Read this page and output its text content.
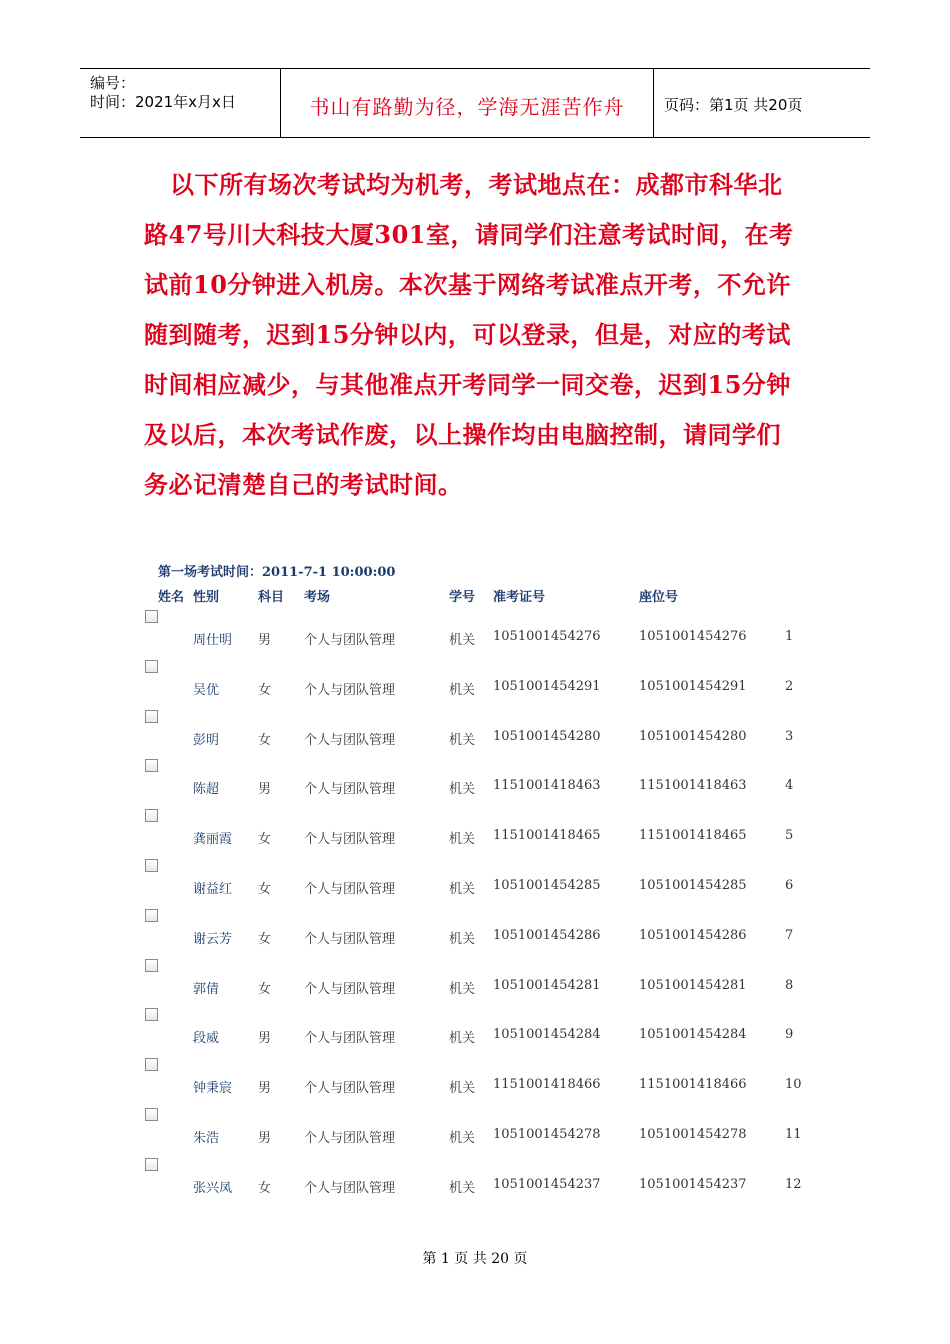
编号：
时间：2021年x月x日	书山有路勤为径，学海无涯苦作舟	页码：第1页 共20页

以下所有场次考试均为机考，考试地点在：成都市科华北路47号川大科技大厦301室，请同学们注意考试时间，在考试前10分钟进入机房。本次基于网络考试准点开考，不允许随到随考，迟到15分钟以内，可以登录，但是，对应的考试时间相应减少，与其他准点开考同学一同交卷，迟到15分钟及以后，本次考试作废，以上操作均由电脑控制，请同学们务必记清楚自己的考试时间。

第一场考试时间：2011-7-1 10:00:00
姓名 性别	科目 考场	学号 准考证号	座位号
周仕明 男	个人与团队管理	机关 1051001454276	1051001454276	1
吴优	女	个人与团队管理	机关 1051001454291	1051001454291	2
彭明	女	个人与团队管理	机关 1051001454280	1051001454280	3
陈超	男	个人与团队管理	机关 1151001418463	1151001418463	4
龚丽霞 女	个人与团队管理	机关 1151001418465	1151001418465	5
谢益红 女	个人与团队管理	机关 1051001454285	1051001454285	6
谢云芳 女	个人与团队管理	机关 1051001454286	1051001454286	7
郭倩	女	个人与团队管理	机关 1051001454281	1051001454281	8
段威	男	个人与团队管理	机关 1051001454284	1051001454284	9
钟秉宸 男	个人与团队管理	机关 1151001418466	1151001418466	10
朱浩	男	个人与团队管理	机关 1051001454278	1051001454278	11
张兴凤 女	个人与团队管理	机关 1051001454237	1051001454237	12
第 1 页 共 20 页
